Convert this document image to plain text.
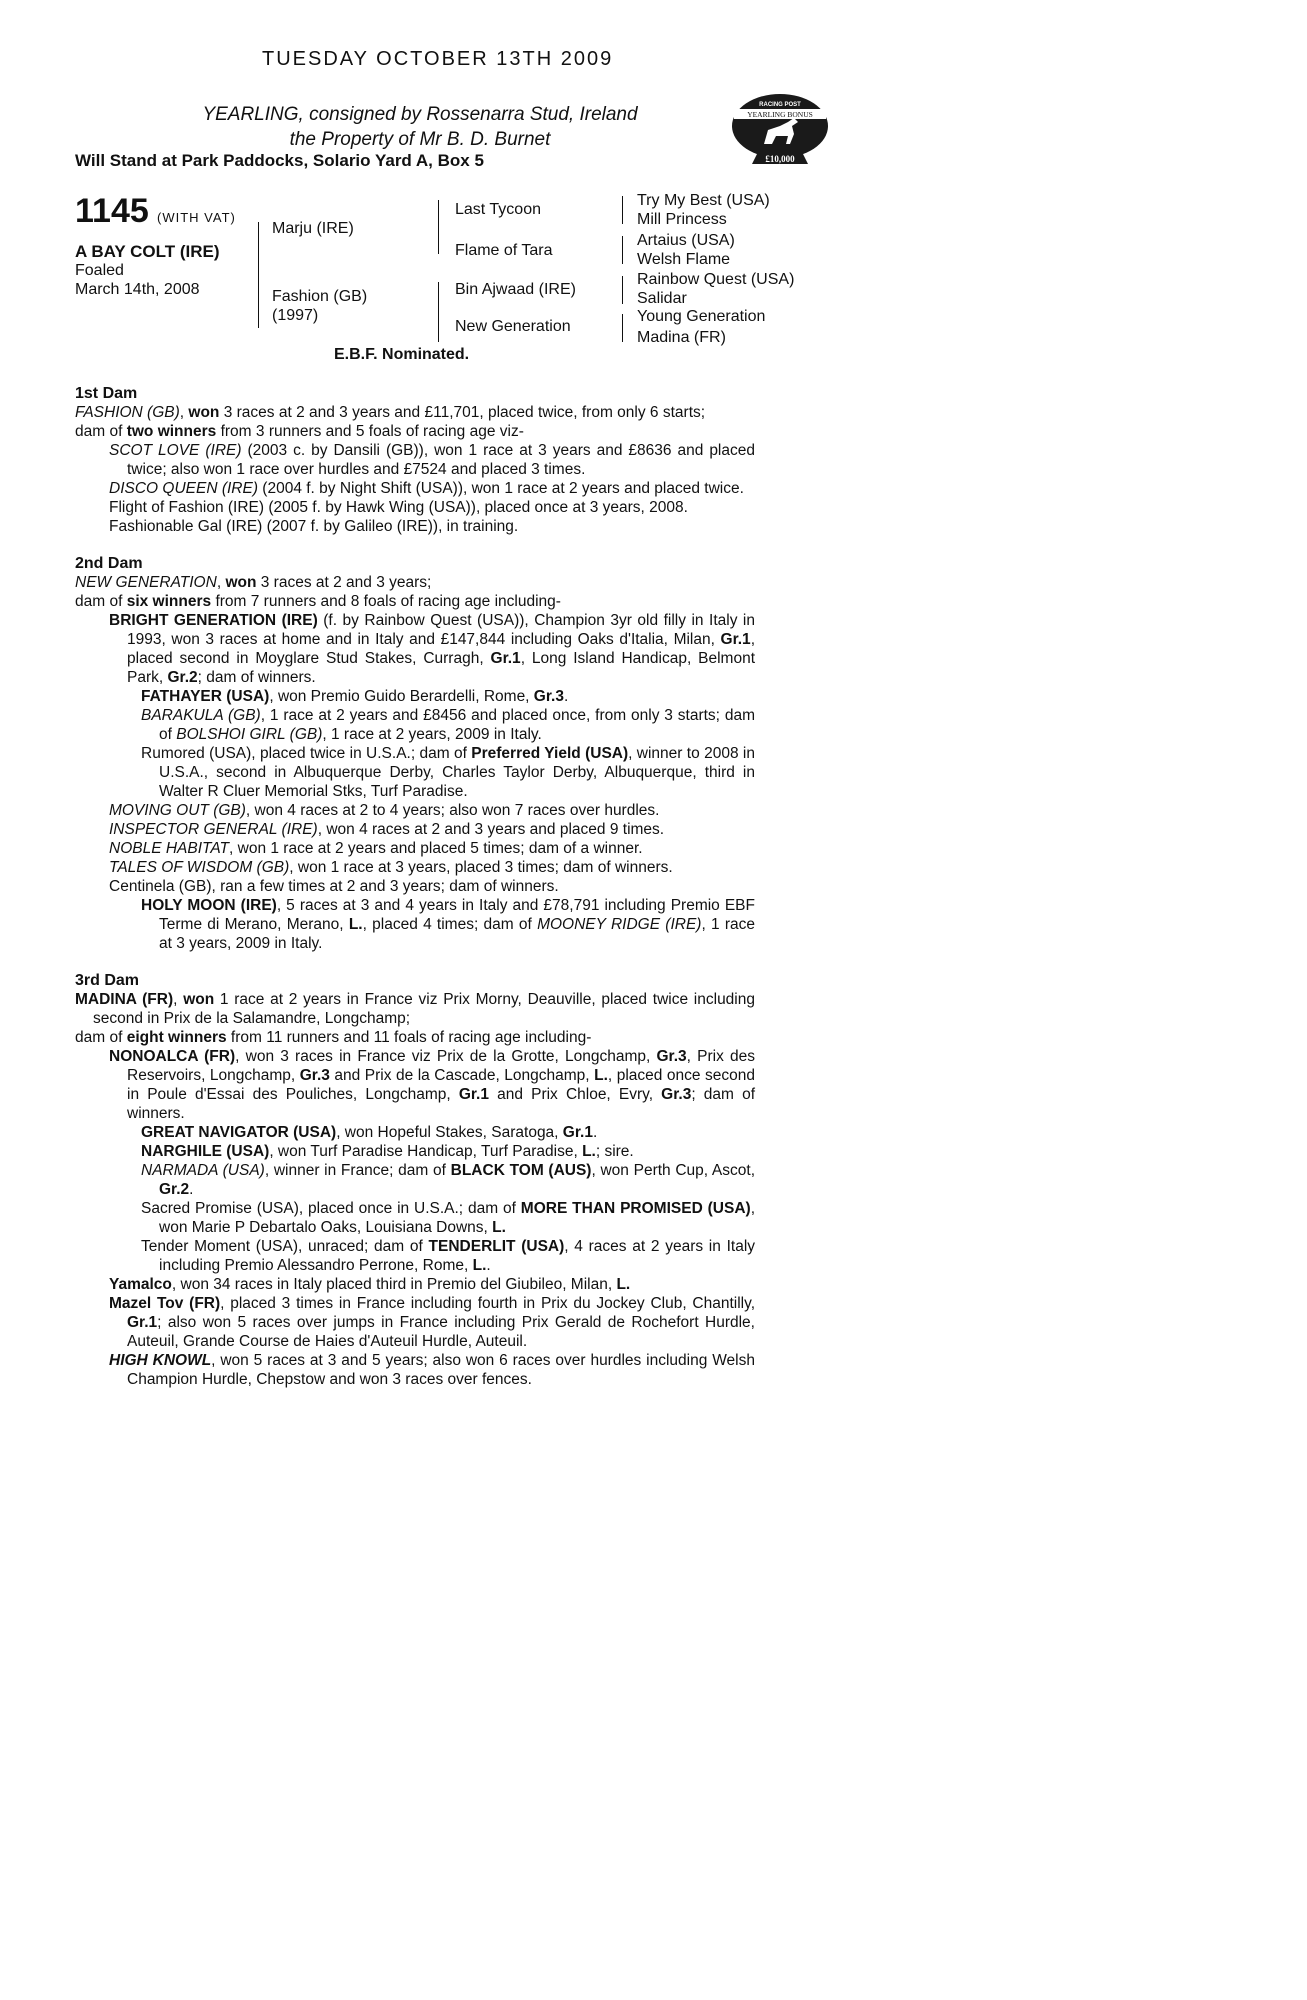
TUESDAY OCTOBER 13TH 2009
YEARLING, consigned by Rossenarra Stud, Ireland
the Property of Mr B. D. Burnet
Will Stand at Park Paddocks, Solario Yard A, Box 5
RACING POST
YEARLING BONUS
£10,000
1145 (WITH VAT)
A BAY COLT (IRE)
Foaled
March 14th, 2008
Marju (IRE)
Fashion (GB)
(1997)
Last Tycoon
Flame of Tara
Bin Ajwaad (IRE)
New Generation
Try My Best (USA)
Mill Princess
Artaius (USA)
Welsh Flame
Rainbow Quest (USA)
Salidar
Young Generation
Madina (FR)
E.B.F. Nominated.

1st Dam

FASHION (GB), won 3 races at 2 and 3 years and £11,701, placed twice, from only 6 starts;

dam of two winners from 3 runners and 5 foals of racing age viz-

SCOT LOVE (IRE) (2003 c. by Dansili (GB)), won 1 race at 3 years and £8636 and placed twice; also won 1 race over hurdles and £7524 and placed 3 times.

DISCO QUEEN (IRE) (2004 f. by Night Shift (USA)), won 1 race at 2 years and placed twice.

Flight of Fashion (IRE) (2005 f. by Hawk Wing (USA)), placed once at 3 years, 2008.

Fashionable Gal (IRE) (2007 f. by Galileo (IRE)), in training.

2nd Dam

NEW GENERATION, won 3 races at 2 and 3 years;

dam of six winners from 7 runners and 8 foals of racing age including-

BRIGHT GENERATION (IRE) (f. by Rainbow Quest (USA)), Champion 3yr old filly in Italy in 1993, won 3 races at home and in Italy and £147,844 including Oaks d'Italia, Milan, Gr.1, placed second in Moyglare Stud Stakes, Curragh, Gr.1, Long Island Handicap, Belmont Park, Gr.2; dam of winners.

FATHAYER (USA), won Premio Guido Berardelli, Rome, Gr.3.

BARAKULA (GB), 1 race at 2 years and £8456 and placed once, from only 3 starts; dam of BOLSHOI GIRL (GB), 1 race at 2 years, 2009 in Italy.

Rumored (USA), placed twice in U.S.A.; dam of Preferred Yield (USA), winner to 2008 in U.S.A., second in Albuquerque Derby, Charles Taylor Derby, Albuquerque, third in Walter R Cluer Memorial Stks, Turf Paradise.

MOVING OUT (GB), won 4 races at 2 to 4 years; also won 7 races over hurdles.

INSPECTOR GENERAL (IRE), won 4 races at 2 and 3 years and placed 9 times.

NOBLE HABITAT, won 1 race at 2 years and placed 5 times; dam of a winner.

TALES OF WISDOM (GB), won 1 race at 3 years, placed 3 times; dam of winners.

Centinela (GB), ran a few times at 2 and 3 years; dam of winners.

HOLY MOON (IRE), 5 races at 3 and 4 years in Italy and £78,791 including Premio EBF Terme di Merano, Merano, L., placed 4 times; dam of MOONEY RIDGE (IRE), 1 race at 3 years, 2009 in Italy.

3rd Dam

MADINA (FR), won 1 race at 2 years in France viz Prix Morny, Deauville, placed twice including second in Prix de la Salamandre, Longchamp;

dam of eight winners from 11 runners and 11 foals of racing age including-

NONOALCA (FR), won 3 races in France viz Prix de la Grotte, Longchamp, Gr.3, Prix des Reservoirs, Longchamp, Gr.3 and Prix de la Cascade, Longchamp, L., placed once second in Poule d'Essai des Pouliches, Longchamp, Gr.1 and Prix Chloe, Evry, Gr.3; dam of winners.

GREAT NAVIGATOR (USA), won Hopeful Stakes, Saratoga, Gr.1.

NARGHILE (USA), won Turf Paradise Handicap, Turf Paradise, L.; sire.

NARMADA (USA), winner in France; dam of BLACK TOM (AUS), won Perth Cup, Ascot, Gr.2.

Sacred Promise (USA), placed once in U.S.A.; dam of MORE THAN PROMISED (USA), won Marie P Debartalo Oaks, Louisiana Downs, L.

Tender Moment (USA), unraced; dam of TENDERLIT (USA), 4 races at 2 years in Italy including Premio Alessandro Perrone, Rome, L..

Yamalco, won 34 races in Italy placed third in Premio del Giubileo, Milan, L.

Mazel Tov (FR), placed 3 times in France including fourth in Prix du Jockey Club, Chantilly, Gr.1; also won 5 races over jumps in France including Prix Gerald de Rochefort Hurdle, Auteuil, Grande Course de Haies d'Auteuil Hurdle, Auteuil.

HIGH KNOWL, won 5 races at 3 and 5 years; also won 6 races over hurdles including Welsh Champion Hurdle, Chepstow and won 3 races over fences.
